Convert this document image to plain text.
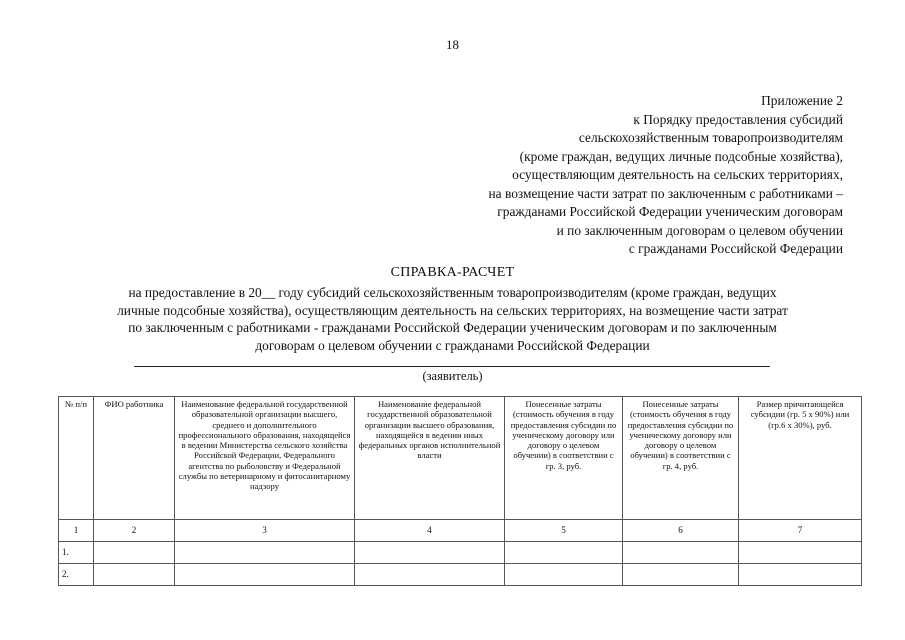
18
Приложение 2
к Порядку предоставления субсидий
сельскохозяйственным товаропроизводителям
(кроме граждан, ведущих личные подсобные хозяйства),
осуществляющим деятельность на сельских территориях,
на возмещение части затрат по заключенным с работниками –
гражданами Российской Федерации ученическим договорам
и по заключенным договорам о целевом обучении
с гражданами Российской Федерации
СПРАВКА-РАСЧЕТ
на предоставление в 20__ году субсидий сельскохозяйственным товаропроизводителям (кроме граждан, ведущих
личные подсобные хозяйства), осуществляющим деятельность на сельских территориях, на возмещение части затрат
по заключенным с работниками - гражданами Российской Федерации ученическим договорам и по заключенным
договорам о целевом обучении с гражданами Российской Федерации
(заявитель)
№ п/п	ФИО работника	Наименование федеральной государственной образовательной организации высшего, среднего и дополнительного профессионального образования, находящейся в ведении Министерства сельского хозяйства Российской Федерации, Федерального агентства по рыболовству и Федеральной службы по ветеринарному и фитосанитарному надзору	Наименование федеральной государственной образовательной организации высшего образования, находящейся в ведении иных федеральных органов исполнительной власти	Понесенные затраты (стоимость обучения в году предоставления субсидии по ученическому договору или договору о целевом обучении) в соответствии с гр. 3, руб.	Понесенные затраты (стоимость обучения в году предоставления субсидии по ученическому договору или договору о целевом обучении) в соответствии с гр. 4, руб.	Размер причитающейся субсидии (гр. 5 х 90%) или (гр.6 х 30%), руб.
1	2	3	4	5	6	7
1.						
2.						
